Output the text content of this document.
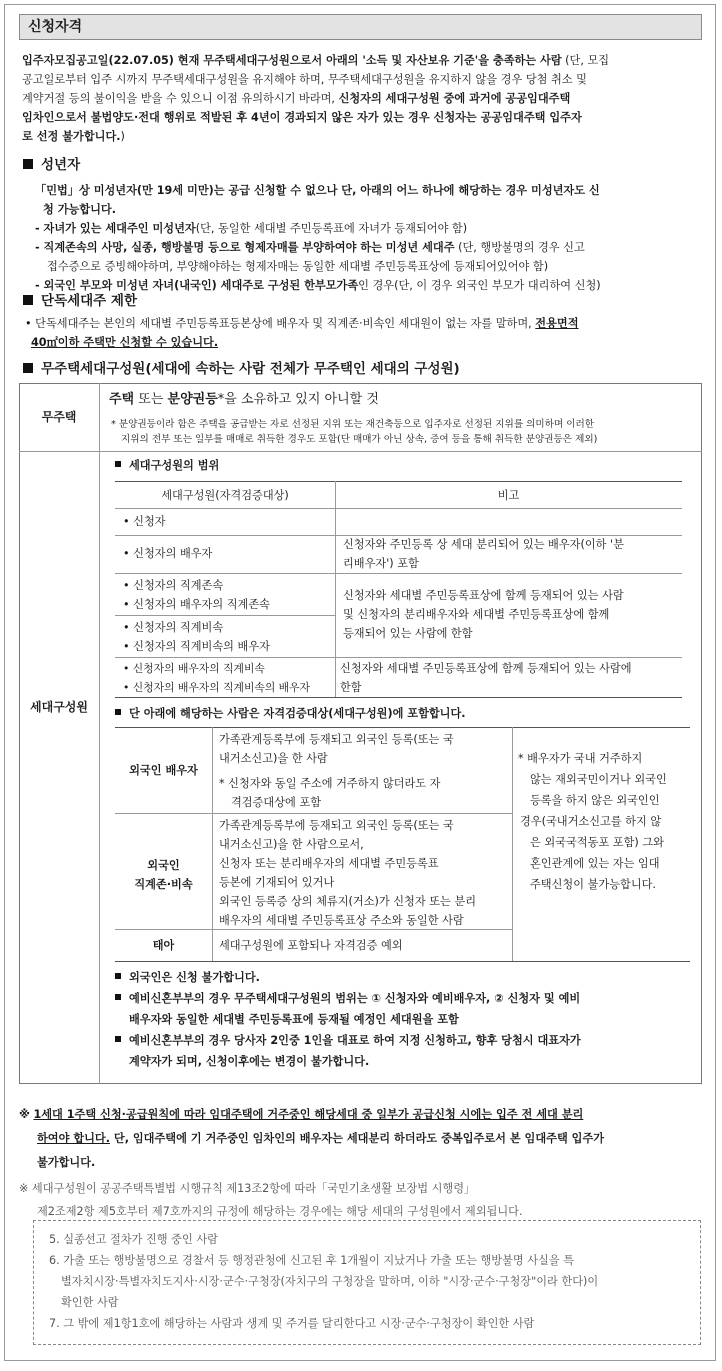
신청자격
입주자모집공고일(22.07.05) 현재 무주택세대구성원으로서 아래의 '소득 및 자산보유 기준'을 충족하는 사람 (단, 모집
공고일로부터 입주 시까지 무주택세대구성원을 유지해야 하며, 무주택세대구성원을 유지하지 않을 경우 당첨 취소 및
계약거절 등의 불이익을 받을 수 있으니 이점 유의하시기 바라며, 신청자의 세대구성원 중에 과거에 공공임대주택
임차인으로서 불법양도·전대 행위로 적발된 후 4년이 경과되지 않은 자가 있는 경우 신청자는 공공임대주택 입주자
로 선정 불가합니다.)
성년자
「민법」상 미성년자(만 19세 미만)는 공급 신청할 수 없으나 단, 아래의 어느 하나에 해당하는 경우 미성년자도 신
청 가능합니다.
- 자녀가 있는 세대주인 미성년자(단, 동일한 세대별 주민등록표에 자녀가 등재되어야 함)
- 직계존속의 사망, 실종, 행방불명 등으로 형제자매를 부양하여야 하는 미성년 세대주 (단, 행방불명의 경우 신고
접수증으로 증빙해야하며, 부양해야하는 형제자매는 동일한 세대별 주민등록표상에 등재되어있어야 함)
- 외국인 부모와 미성년 자녀(내국인) 세대주로 구성된 한부모가족인 경우(단, 이 경우 외국인 부모가 대리하여 신청)
단독세대주 제한
• 단독세대주는 본인의 세대별 주민등록표등본상에 배우자 및 직계존·비속인 세대원이 없는 자를 말하며, 전용면적
40㎡이하 주택만 신청할 수 있습니다.
무주택세대구성원(세대에 속하는 사람 전체가 무주택인 세대의 구성원)
무주택
주택 또는 분양권등*을 소유하고 있지 아니할 것
* 분양권등이라 함은 주택을 공급받는 자로 선정된 지위 또는 재건축등으로 입주자로 선정된 지위를 의미하며 이러한
지위의 전부 또는 일부를 매매로 취득한 경우도 포함(단 매매가 아닌 상속, 증여 등을 통해 취득한 분양권등은 제외)
세대구성원
세대구성원의 범위
세대구성원(자격검증대상)	비고
• 신청자
• 신청자의 배우자
신청자와 주민등록 상 세대 분리되어 있는 배우자(이하 '분
리배우자') 포함
• 신청자의 직계존속
• 신청자의 배우자의 직계존속
• 신청자의 직계비속
• 신청자의 직계비속의 배우자
신청자와 세대별 주민등록표상에 함께 등재되어 있는 사람
및 신청자의 분리배우자와 세대별 주민등록표상에 함께
등재되어 있는 사람에 한함
• 신청자의 배우자의 직계비속
• 신청자의 배우자의 직계비속의 배우자
신청자와 세대별 주민등록표상에 함께 등재되어 있는 사람에
한함
단 아래에 해당하는 사람은 자격검증대상(세대구성원)에 포함합니다.
외국인 배우자
가족관계등록부에 등재되고 외국인 등록(또는 국
내거소신고)을 한 사람
* 신청자와 동일 주소에 거주하지 않더라도 자
격검증대상에 포함
외국인
직계존·비속
가족관계등록부에 등재되고 외국인 등록(또는 국
내거소신고)을 한 사람으로서,
신청자 또는 분리배우자의 세대별 주민등록표
등본에 기재되어 있거나
외국인 등록증 상의 체류지(거소)가 신청자 또는 분리
배우자의 세대별 주민등록표상 주소와 동일한 사람
태아	세대구성원에 포함되나 자격검증 예외
* 배우자가 국내 거주하지
않는 재외국민이거나 외국인
등록을 하지 않은 외국인인
경우(국내거소신고를 하지 않
은 외국국적동포 포함) 그와
혼인관계에 있는 자는 임대
주택신청이 불가능합니다.
외국인은 신청 불가합니다.
예비신혼부부의 경우 무주택세대구성원의 범위는 ① 신청자와 예비배우자, ② 신청자 및 예비
배우자와 동일한 세대별 주민등록표에 등재될 예정인 세대원을 포함
예비신혼부부의 경우 당사자 2인중 1인을 대표로 하여 지정 신청하고, 향후 당첨시 대표자가
계약자가 되며, 신청이후에는 변경이 불가합니다.
※ 1세대 1주택 신청·공급원칙에 따라 임대주택에 거주중인 해당세대 중 일부가 공급신청 시에는 입주 전 세대 분리
하여야 합니다. 단, 임대주택에 기 거주중인 임차인의 배우자는 세대분리 하더라도 중복입주로서 본 임대주택 입주가
불가합니다.
※ 세대구성원이 공공주택특별법 시행규칙 제13조2항에 따라「국민기초생활 보장법 시행령」
제2조제2항 제5호부터 제7호까지의 규정에 해당하는 경우에는 해당 세대의 구성원에서 제외됩니다.
5. 실종선고 절차가 진행 중인 사람
6. 가출 또는 행방불명으로 경찰서 등 행정관청에 신고된 후 1개월이 지났거나 가출 또는 행방불명 사실을 특
별자치시장·특별자치도지사·시장·군수·구청장(자치구의 구청장을 말하며, 이하 "시장·군수·구청장"이라 한다)이
확인한 사람
7. 그 밖에 제1항1호에 해당하는 사람과 생계 및 주거를 달리한다고 시장·군수·구청장이 확인한 사람
